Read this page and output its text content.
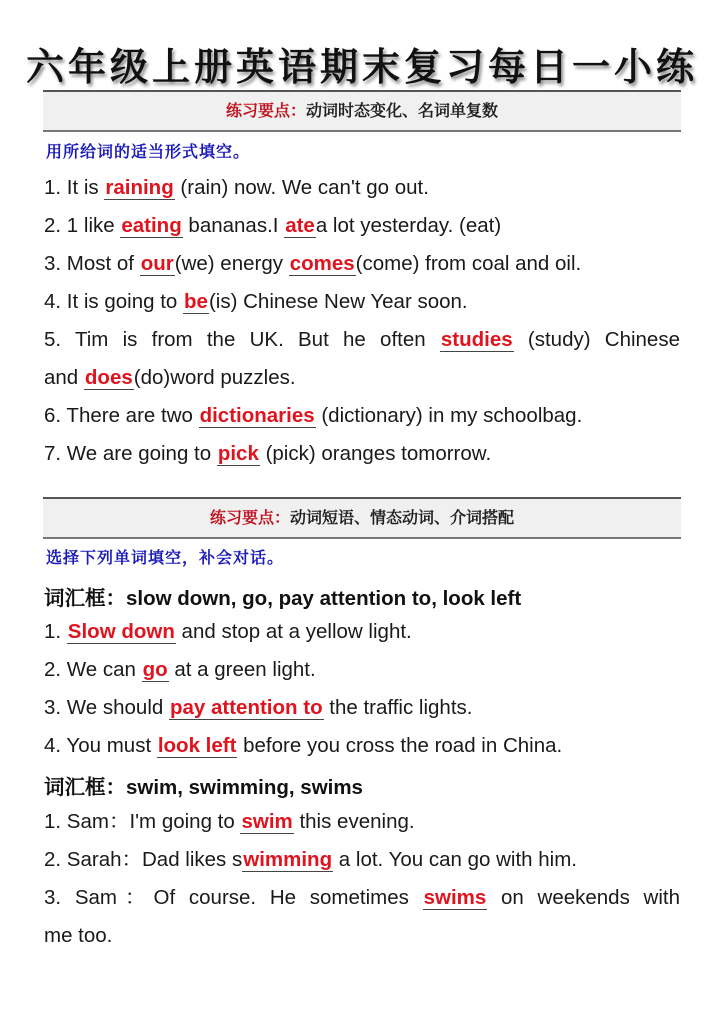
六年级上册英语期末复习每日一小练
练习要点：动词时态变化、名词单复数
用所给词的适当形式填空。
1. It is raining (rain) now. We can't go out.
2. 1 like eating bananas.I atea lot yesterday. (eat)
3. Most of our(we) energy comes(come) from coal and oil.
4. It is going to be(is) Chinese New Year soon.
5. Tim is from the UK. But he often studies (study) Chinese
and does(do)word puzzles.
6. There are two dictionaries (dictionary) in my schoolbag.
7. We are going to pick (pick) oranges tomorrow.
练习要点：动词短语、情态动词、介词搭配
选择下列单词填空，补会对话。
词汇框：slow down, go, pay attention to, look left
1. Slow down and stop at a yellow light.
2. We can go at a green light.
3. We should pay attention to the traffic lights.
4. You must look left before you cross the road in China.
词汇框：swim, swimming, swims
1. Sam：I'm going to swim this evening.
2. Sarah：Dad likes swimming a lot. You can go with him.
3. Sam：Of course. He sometimes swims on weekends with
me too.
